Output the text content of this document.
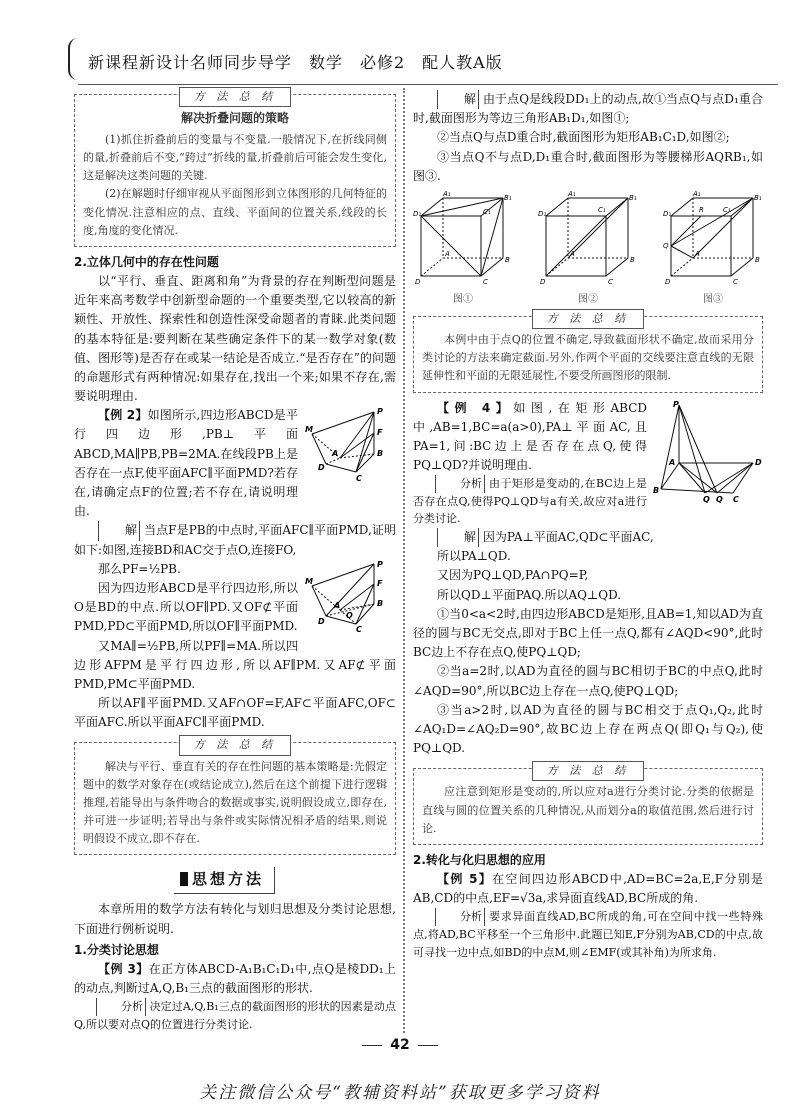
新课程新设计名师同步导学　数学　必修2　配人教A版
方 法 总 结
解决折叠问题的策略

(1)抓住折叠前后的变量与不变量.一般情况下,在折线同侧的量,折叠前后不变,“跨过”折线的量,折叠前后可能会发生变化,这是解决这类问题的关键.

(2)在解题时仔细审视从平面图形到立体图形的几何特征的变化情况.注意相应的点、直线、平面间的位置关系,线段的长度,角度的变化情况.

2.立体几何中的存在性问题

以“平行、垂直、距离和角”为背景的存在判断型问题是近年来高考数学中创新型命题的一个重要类型,它以较高的新颖性、开放性、探索性和创造性深受命题者的青睐.此类问题的基本特征是:要判断在某些确定条件下的某一数学对象(数值、图形等)是否存在或某一结论是否成立.“是否存在”的问题的命题形式有两种情况:如果存在,找出一个来;如果不存在,需要说明理由.

P
M	F
B
A
D
C

【例 2】如图所示,四边形ABCD是平行四边形,PB⊥平面ABCD,MA∥PB,PB=2MA.在线段PB上是否存在一点F,使平面AFC∥平面PMD?若存在,请确定点F的位置;若不存在,请说明理由.

解 当点F是PB的中点时,平面AFC∥平面PMD,证明如下:如图,连接BD和AC交于点O,连接FO,

P
M	F
B
A
O
D
C

那么PF=½PB.

因为四边形ABCD是平行四边形,所以O是BD的中点.所以OF∥PD.又OF⊄平面PMD,PD⊂平面PMD,所以OF∥平面PMD.

又MA∥=½PB,所以PF∥=MA.所以四边形AFPM是平行四边形,所以AF∥PM.又AF⊄平面PMD,PM⊂平面PMD.

所以AF∥平面PMD.又AF∩OF=F,AF⊂平面AFC,OF⊂平面AFC.所以平面AFC∥平面PMD.

方 法 总 结

解决与平行、垂直有关的存在性问题的基本策略是:先假定题中的数学对象存在(或结论成立),然后在这个前提下进行逻辑推理,若能导出与条件吻合的数据或事实,说明假设成立,即存在,并可进一步证明;若导出与条件或实际情况相矛盾的结果,则说明假设不成立,即不存在.

思想方法

本章所用的数学方法有转化与划归思想及分类讨论思想,下面进行例析说明.

1.分类讨论思想

【例 3】在正方体ABCD-A₁B₁C₁D₁中,点Q是棱DD₁上的动点,判断过A,Q,B₁三点的截面图形的形状.

分析 决定过A,Q,B₁三点的截面图形的形状的因素是动点Q,所以要对点Q的位置进行分类讨论.

解 由于点Q是线段DD₁上的动点,故①当点Q与点D₁重合时,截面图形为等边三角形AB₁D₁,如图①;

②当点Q与点D重合时,截面图形为矩形AB₁C₁D,如图②;

③当点Q不与点D,D₁重合时,截面图形为等腰梯形AQRB₁,如图③.

D₁
A₁	B₁
C₁
D	C
B
A
图①
D₁
A₁	B₁
C₁
D	C
B
A
图②
D₁
A₁	B₁
C₁
R
Q
D	C
B
A
图③
方 法 总 结

本例中由于点Q的位置不确定,导致截面形状不确定,故而采用分类讨论的方法来确定截面.另外,作两个平面的交线要注意直线的无限延伸性和平面的无限延展性,不要受所画图形的限制.

P
A	D
B
Q Q C

【例 4】如图,在矩形ABCD中,AB=1,BC=a(a>0),PA⊥平面AC,且PA=1,问:BC边上是否存在点Q,使得PQ⊥QD?并说明理由.

分析 由于矩形是变动的,在BC边上是否存在点Q,使得PQ⊥QD与a有关,故应对a进行分类讨论.

解 因为PA⊥平面AC,QD⊂平面AC,

所以PA⊥QD.

又因为PQ⊥QD,PA∩PQ=P,

所以QD⊥平面PAQ.所以AQ⊥QD.

①当0<a<2时,由四边形ABCD是矩形,且AB=1,知以AD为直径的圆与BC无交点,即对于BC上任一点Q,都有∠AQD<90°,此时BC边上不存在点Q,使PQ⊥QD;

②当a=2时,以AD为直径的圆与BC相切于BC的中点Q,此时∠AQD=90°,所以BC边上存在一点Q,使PQ⊥QD;

③当a>2时,以AD为直径的圆与BC相交于点Q₁,Q₂,此时∠AQ₁D=∠AQ₂D=90°,故BC边上存在两点Q(即Q₁与Q₂),使PQ⊥QD.

方 法 总 结

应注意到矩形是变动的,所以应对a进行分类讨论.分类的依据是直线与圆的位置关系的几种情况,从而划分a的取值范围,然后进行讨论.

2.转化与化归思想的应用

【例 5】在空间四边形ABCD中,AD=BC=2a,E,F分别是AB,CD的中点,EF=√3a,求异面直线AD,BC所成的角.

分析 要求异面直线AD,BC所成的角,可在空间中找一些特殊点,将AD,BC平移至一个三角形中.此题已知E,F分别为AB,CD的中点,故可寻找一边中点,如BD的中点M,则∠EMF(或其补角)为所求角.

42
关注微信公众号“教辅资料站”获取更多学习资料
